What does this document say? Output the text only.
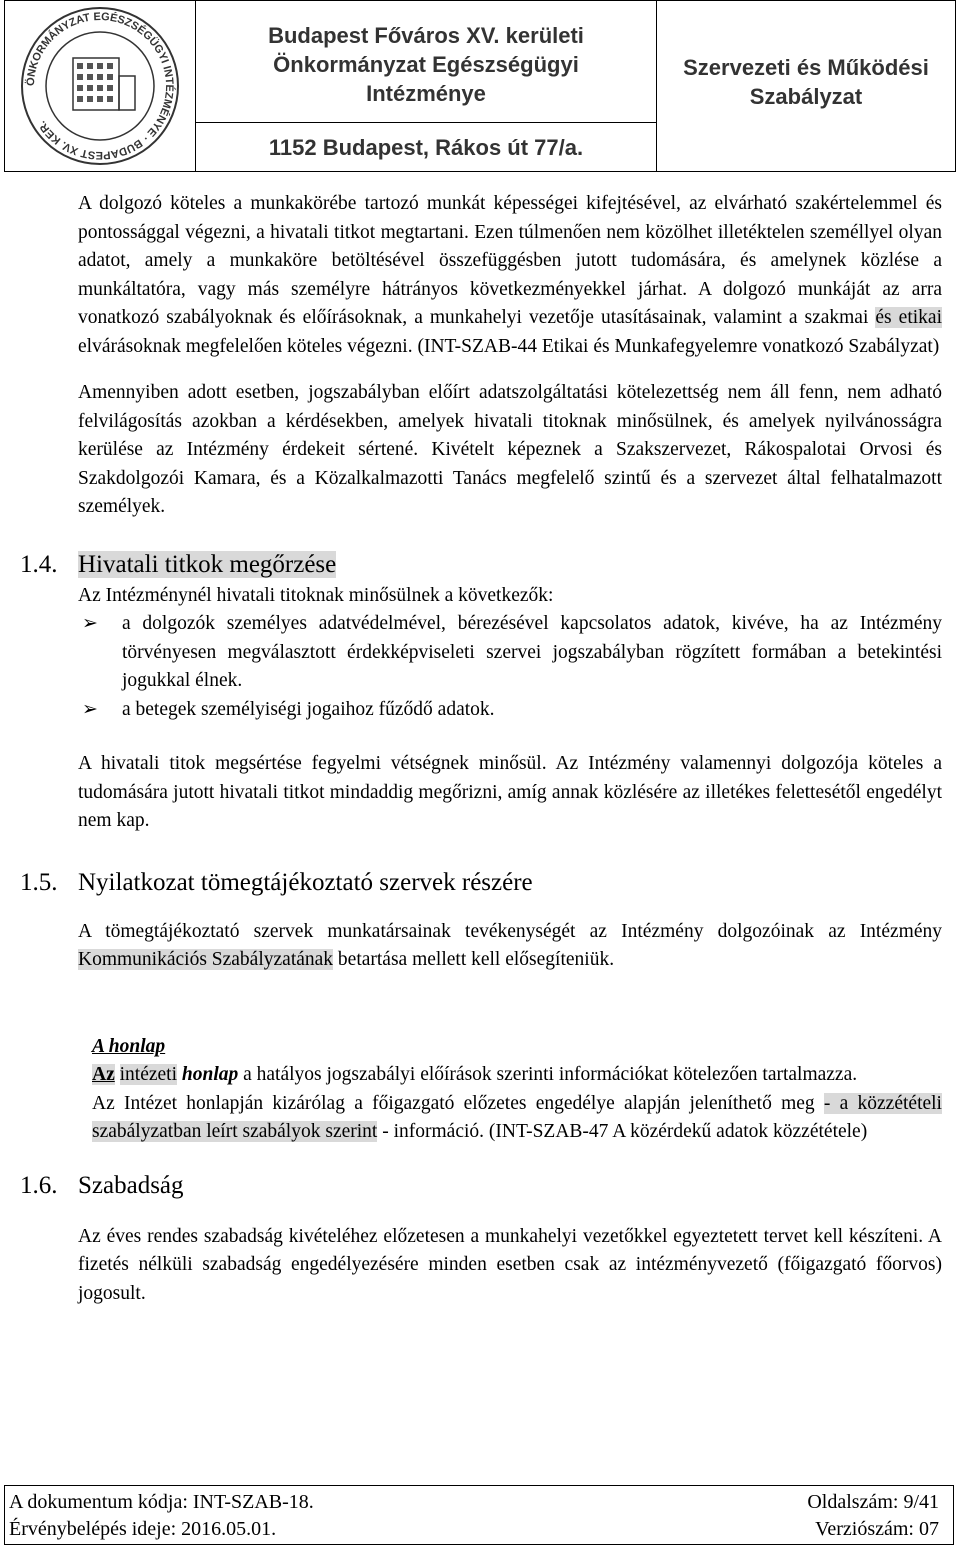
ÖNKORMÁNYZAT EGÉSZSÉGÜGYI INTÉZMÉNYE · BUDAPEST XV. KER.
Budapest Főváros XV. kerületi
Önkormányzat Egészségügyi
Intézménye
1152 Budapest, Rákos út 77/a.
Szervezeti és Működési
Szabályzat

A dolgozó köteles a munkakörébe tartozó munkát képességei kifejtésével, az elvárható szakértelemmel és pontossággal végezni, a hivatali titkot megtartani. Ezen túlmenően nem közölhet illetéktelen személlyel olyan adatot, amely a munkaköre betöltésével összefüggésben jutott tudomására, és amelynek közlése a munkáltatóra, vagy más személyre hátrányos következményekkel járhat. A dolgozó munkáját az arra vonatkozó szabályoknak és előírásoknak, a munkahelyi vezetője utasításainak, valamint a szakmai és etikai elvárásoknak megfelelően köteles végezni. (INT-SZAB-44 Etikai és Munkafegyelemre vonatkozó Szabályzat)

Amennyiben adott esetben, jogszabályban előírt adatszolgáltatási kötelezettség nem áll fenn, nem adható felvilágosítás azokban a kérdésekben, amelyek hivatali titoknak minősülnek, és amelyek nyilvánosságra kerülése az Intézmény érdekeit sértené. Kivételt képeznek a Szakszervezet, Rákospalotai Orvosi és Szakdolgozói Kamara, és a Közalkalmazotti Tanács megfelelő szintű és a szervezet által felhatalmazott személyek.

1.4. Hivatali titkok megőrzése

Az Intézménynél hivatali titoknak minősülnek a következők:

➢ a dolgozók személyes adatvédelmével, bérezésével kapcsolatos adatok, kivéve, ha az Intézmény törvényesen megválasztott érdekképviseleti szervei jogszabályban rögzített formában a betekintési jogukkal élnek.
➢ a betegek személyiségi jogaihoz fűződő adatok.

A hivatali titok megsértése fegyelmi vétségnek minősül. Az Intézmény valamennyi dolgozója köteles a tudomására jutott hivatali titkot mindaddig megőrizni, amíg annak közlésére az illetékes felettesétől engedélyt nem kap.

1.5. Nyilatkozat tömegtájékoztató szervek részére

A tömegtájékoztató szervek munkatársainak tevékenységét az Intézmény dolgozóinak az Intézmény Kommunikációs Szabályzatának betartása mellett kell elősegíteniük.

A honlap

Az intézeti honlap a hatályos jogszabályi előírások szerinti információkat kötelezően tartalmazza.

Az Intézet honlapján kizárólag a főigazgató előzetes engedélye alapján jeleníthető meg - a közzétételi szabályzatban leírt szabályok szerint - információ. (INT-SZAB-47 A közérdekű adatok közzététele)

1.6. Szabadság

Az éves rendes szabadság kivételéhez előzetesen a munkahelyi vezetőkkel egyeztetett tervet kell készíteni. A fizetés nélküli szabadság engedélyezésére minden esetben csak az intézményvezető (főigazgató főorvos) jogosult.

A dokumentum kódja: INT-SZAB-18.
Érvénybelépés ideje: 2016.05.01.
Oldalszám: 9/41
Verziószám: 07
